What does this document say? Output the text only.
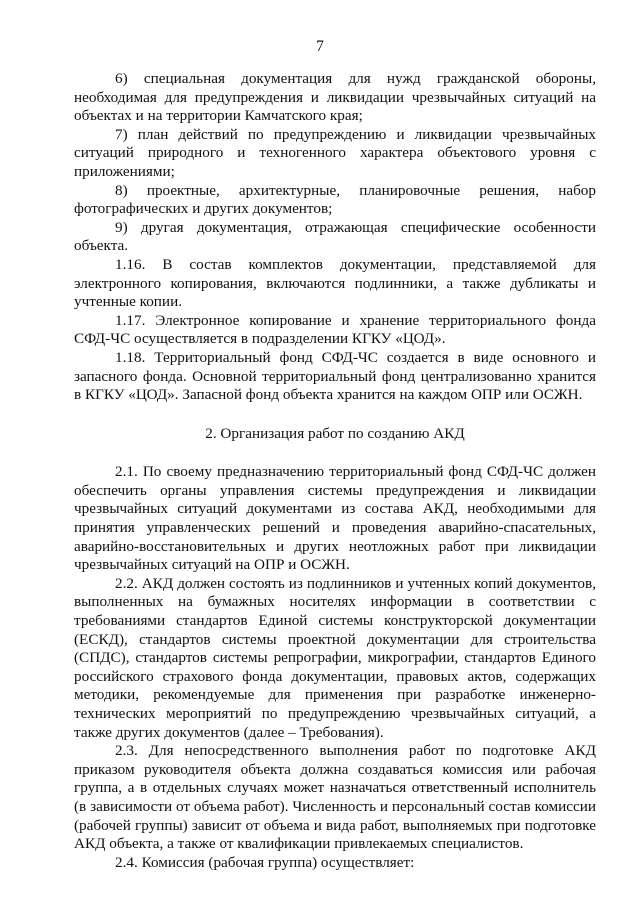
7

6) специальная документация для нужд гражданской обороны, необходимая для предупреждения и ликвидации чрезвычайных ситуаций на объектах и на территории Камчатского края;

7) план действий по предупреждению и ликвидации чрезвычайных ситуаций природного и техногенного характера объектового уровня с приложениями;

8) проектные, архитектурные, планировочные решения, набор фотографических и других документов;

9) другая документация, отражающая специфические особенности объекта.

1.16. В состав комплектов документации, представляемой для электронного копирования, включаются подлинники, а также дубликаты и учтенные копии.

1.17. Электронное копирование и хранение территориального фонда СФД-ЧС осуществляется в подразделении КГКУ «ЦОД».

1.18. Территориальный фонд СФД-ЧС создается в виде основного и запасного фонда. Основной территориальный фонд централизованно хранится в КГКУ «ЦОД». Запасной фонд объекта хранится на каждом ОПР или ОСЖН.

2. Организация работ по созданию АКД

2.1. По своему предназначению территориальный фонд СФД-ЧС должен обеспечить органы управления системы предупреждения и ликвидации чрезвычайных ситуаций документами из состава АКД, необходимыми для принятия управленческих решений и проведения аварийно-спасательных, аварийно-восстановительных и других неотложных работ при ликвидации чрезвычайных ситуаций на ОПР и ОСЖН.

2.2. АКД должен состоять из подлинников и учтенных копий документов, выполненных на бумажных носителях информации в соответствии с требованиями стандартов Единой системы конструкторской документации (ЕСКД), стандартов системы проектной документации для строительства (СПДС), стандартов системы репрографии, микрографии, стандартов Единого российского страхового фонда документации, правовых актов, содержащих методики, рекомендуемые для применения при разработке инженерно-технических мероприятий по предупреждению чрезвычайных ситуаций, а также других документов (далее – Требования).

2.3. Для непосредственного выполнения работ по подготовке АКД приказом руководителя объекта должна создаваться комиссия или рабочая группа, а в отдельных случаях может назначаться ответственный исполнитель (в зависимости от объема работ). Численность и персональный состав комиссии (рабочей группы) зависит от объема и вида работ, выполняемых при подготовке АКД объекта, а также от квалификации привлекаемых специалистов.

2.4. Комиссия (рабочая группа) осуществляет:
